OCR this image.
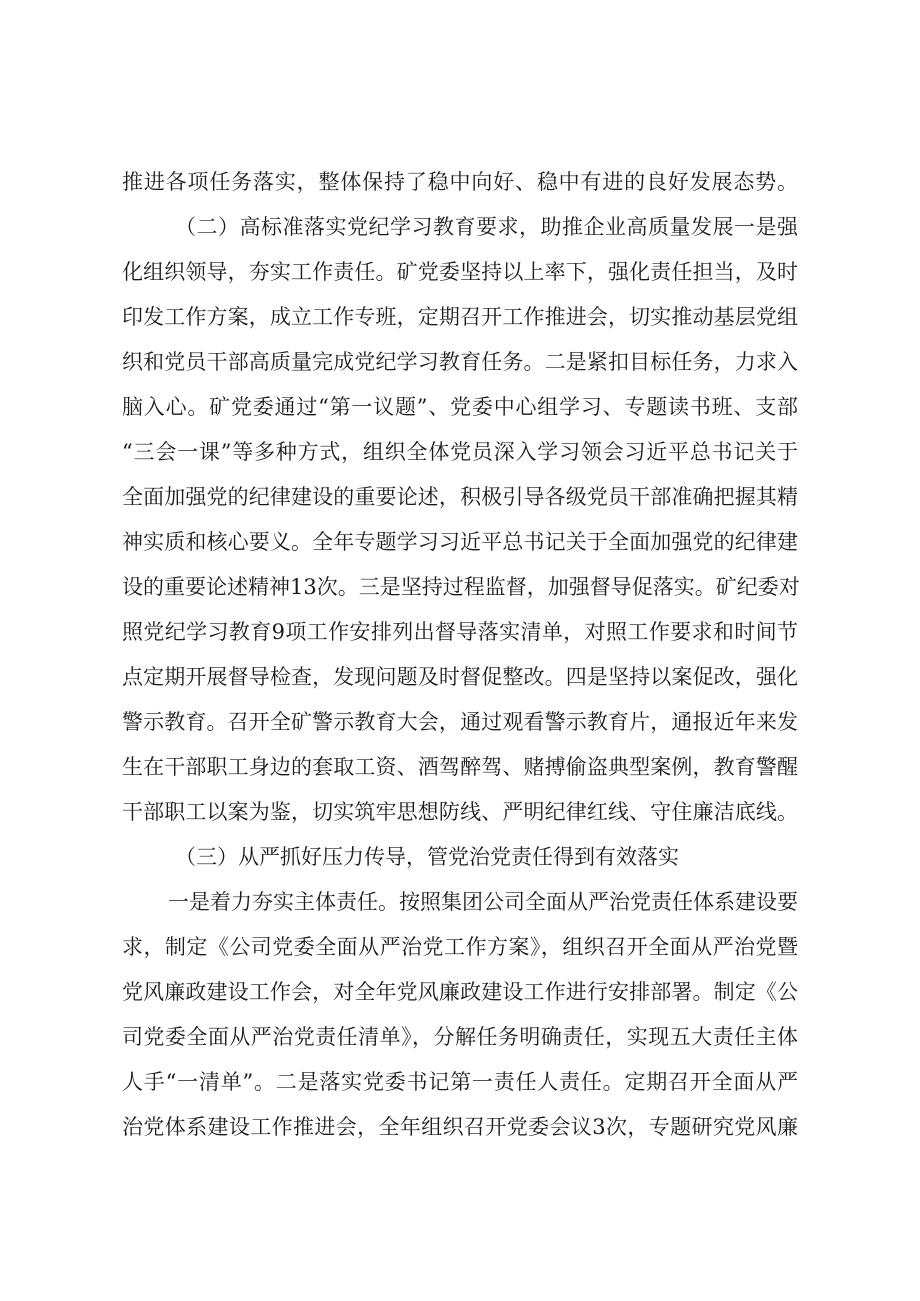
推进各项任务落实，整体保持了稳中向好、稳中有进的良好发展态势。
（二）高标准落实党纪学习教育要求，助推企业高质量发展一是强
化组织领导，夯实工作责任。矿党委坚持以上率下，强化责任担当，及时
印发工作方案，成立工作专班，定期召开工作推进会，切实推动基层党组
织和党员干部高质量完成党纪学习教育任务。二是紧扣目标任务，力求入
脑入心。矿党委通过“第一议题”、党委中心组学习、专题读书班、支部
“三会一课”等多种方式，组织全体党员深入学习领会习近平总书记关于
全面加强党的纪律建设的重要论述，积极引导各级党员干部准确把握其精
神实质和核心要义。全年专题学习习近平总书记关于全面加强党的纪律建
设的重要论述精神13次。三是坚持过程监督，加强督导促落实。矿纪委对
照党纪学习教育9项工作安排列出督导落实清单，对照工作要求和时间节
点定期开展督导检查，发现问题及时督促整改。四是坚持以案促改，强化
警示教育。召开全矿警示教育大会，通过观看警示教育片，通报近年来发
生在干部职工身边的套取工资、酒驾醉驾、赌搏偷盗典型案例，教育警醒
干部职工以案为鉴，切实筑牢思想防线、严明纪律红线、守住廉洁底线。
（三）从严抓好压力传导，管党治党责任得到有效落实
一是着力夯实主体责任。按照集团公司全面从严治党责任体系建设要
求，制定《公司党委全面从严治党工作方案》，组织召开全面从严治党暨
党风廉政建设工作会，对全年党风廉政建设工作进行安排部署。制定《公
司党委全面从严治党责任清单》，分解任务明确责任，实现五大责任主体
人手“一清单”。二是落实党委书记第一责任人责任。定期召开全面从严
治党体系建设工作推进会，全年组织召开党委会议3次，专题研究党风廉
